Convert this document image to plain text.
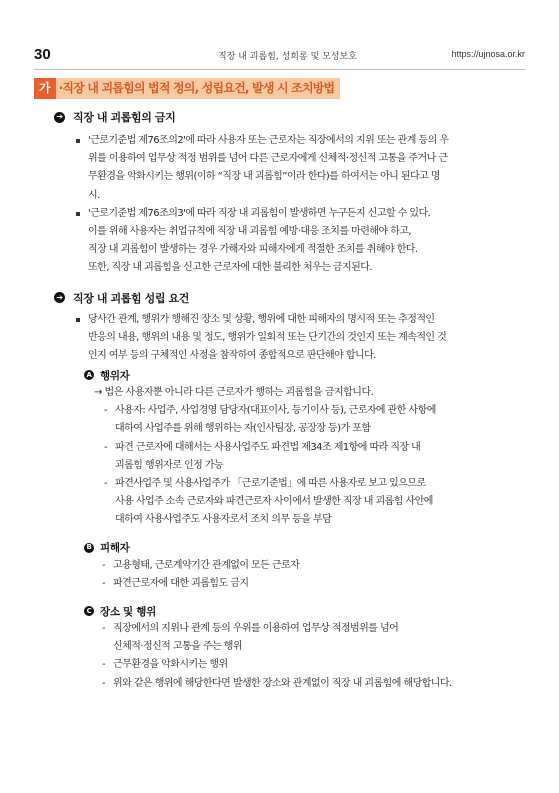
30	직장 내 괴롭힘, 성희롱 및 모성보호	https://ujnosa.or.kr
가 ·직장 내 괴롭힘의 법적 정의, 성립요건, 발생 시 조치방법
➔ 직장 내 괴롭힘의 금지
'근로기준법 제76조의2'에 따라 사용자 또는 근로자는 직장에서의 지위 또는 관계 등의 우
위를 이용하여 업무상 적정 범위를 넘어 다른 근로자에게 신체적·정신적 고통을 주거나 근
무환경을 악화시키는 행위(이하 “직장 내 괴롭힘”이라 한다)를 하여서는 아니 된다고 명
시.
'근로기준법 제76조의3'에 따라 직장 내 괴롭힘이 발생하면 누구든지 신고할 수 있다.
이를 위해 사용자는 취업규칙에 직장 내 괴롭힘 예방·대응 조치를 마련해야 하고,
직장 내 괴롭힘이 발생하는 경우 가해자와 피해자에게 적절한 조치를 취해야 한다.
또한, 직장 내 괴롭힘을 신고한 근로자에 대한 불리한 처우는 금지된다.
➔ 직장 내 괴롭힘 성립 요건
당사간 관계, 행위가 행해진 장소 및 상황, 행위에 대한 피해자의 명시적 또는 추정적인
반응의 내용, 행위의 내용 및 정도, 행위가 일회적 또는 단기간의 것인지 또는 계속적인 것
인지 여부 등의 구체적인 사정을 참작하여 종합적으로 판단해야 합니다.
A 행위자
→ 법은 사용자뿐 아니라 다른 근로자가 행하는 괴롭힘을 금지합니다.
- 사용자: 사업주, 사업경영 담당자(대표이사, 등기이사 등), 근로자에 관한 사항에
대하여 사업주를 위해 행위하는 자(인사팀장, 공장장 등)가 포함
- 파견 근로자에 대해서는 사용사업주도 파견법 제34조 제1항에 따라 직장 내
괴롭힘 행위자로 인정 가능
- 파견사업주 및 사용사업주가 「근로기준법」에 따른 사용자로 보고 있으므로
사용 사업주 소속 근로자와 파견근로자 사이에서 발생한 직장 내 괴롭힘 사안에
대하여 사용사업주도 사용자로서 조치 의무 등을 부담
B 피해자
- 고용형태, 근로계약기간 관계없이 모든 근로자
- 파견근로자에 대한 괴롭힘도 금지
C 장소 및 행위
- 직장에서의 지위나 관계 등의 우위를 이용하여 업무상 적정범위를 넘어
신체적·정신적 고통을 주는 행위
- 근무환경을 악화시키는 행위
- 위와 같은 행위에 해당한다면 발생한 장소와 관계없이 직장 내 괴롭힘에 해당합니다.
